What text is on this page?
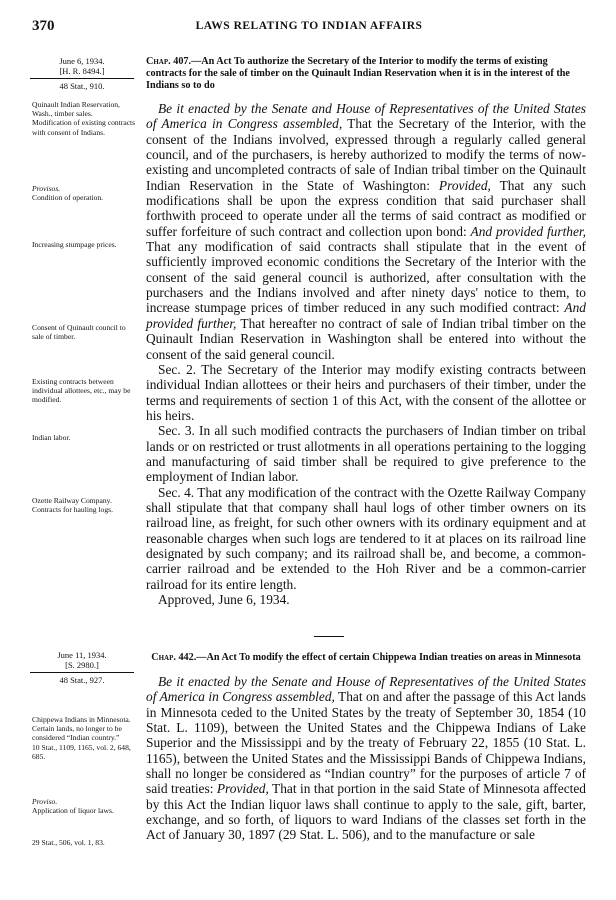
370	LAWS RELATING TO INDIAN AFFAIRS
June 6, 1934.
[H. R. 8494.]
48 Stat., 910.
Chap. 407.—An Act To authorize the Secretary of the Interior to modify the terms of existing contracts for the sale of timber on the Quinault Indian Reservation when it is in the interest of the Indians so to do

Be it enacted by the Senate and House of Representatives of the United States of America in Congress assembled, That the Secretary of the Interior, with the consent of the Indians involved, expressed through a regularly called general council, and of the purchasers, is hereby authorized to modify the terms of now-existing and uncompleted contracts of sale of Indian tribal timber on the Quinault Indian Reservation in the State of Washington: Provided, That any such modifications shall be upon the express condition that said purchaser shall forthwith proceed to operate under all the terms of said contract as modified or suffer forfeiture of such contract and collection upon bond: And provided further, That any modification of said contracts shall stipulate that in the event of sufficiently improved economic conditions the Secretary of the Interior with the consent of the said general council is authorized, after consultation with the purchasers and the Indians involved and after ninety days' notice to them, to increase stumpage prices of timber reduced in any such modified contract: And provided further, That hereafter no contract of sale of Indian tribal timber on the Quinault Indian Reservation in Washington shall be entered into without the consent of the said general council.

Sec. 2. The Secretary of the Interior may modify existing contracts between individual Indian allottees or their heirs and purchasers of their timber, under the terms and requirements of section 1 of this Act, with the consent of the allottee or his heirs.

Sec. 3. In all such modified contracts the purchasers of Indian timber on tribal lands or on restricted or trust allotments in all operations pertaining to the logging and manufacturing of said timber shall be required to give preference to the employment of Indian labor.

Sec. 4. That any modification of the contract with the Ozette Railway Company shall stipulate that that company shall haul logs of other timber owners on its railroad line, as freight, for such other owners with its ordinary equipment and at reasonable charges when such logs are tendered to it at places on its railroad line designated by such company; and its railroad shall be, and become, a common-carrier railroad and be extended to the Hoh River and be a common-carrier railroad for its entire length.

Approved, June 6, 1934.

Quinault Indian Reservation, Wash., timber sales.
Modification of existing contracts with consent of Indians.
Provisos.
Condition of operation.
Increasing stumpage prices.
Consent of Quinault council to sale of timber.
Existing contracts between individual allottees, etc., may be modified.
Indian labor.
Ozette Railway Company.
Contracts for hauling logs.
June 11, 1934.
[S. 2980.]
48 Stat., 927.
Chap. 442.—An Act To modify the effect of certain Chippewa Indian treaties on areas in Minnesota

Be it enacted by the Senate and House of Representatives of the United States of America in Congress assembled, That on and after the passage of this Act lands in Minnesota ceded to the United States by the treaty of September 30, 1854 (10 Stat. L. 1109), between the United States and the Chippewa Indians of Lake Superior and the Mississippi and by the treaty of February 22, 1855 (10 Stat. L. 1165), between the United States and the Mississippi Bands of Chippewa Indians, shall no longer be considered as “Indian country” for the purposes of article 7 of said treaties: Provided, That in that portion in the said State of Minnesota affected by this Act the Indian liquor laws shall continue to apply to the sale, gift, barter, exchange, and so forth, of liquors to ward Indians of the classes set forth in the Act of January 30, 1897 (29 Stat. L. 506), and to the manufacture or sale

Chippewa Indians in Minnesota.
Certain lands, no longer to be considered “Indian country.”
10 Stat., 1109, 1165, vol. 2, 648, 685.
Proviso.
Application of liquor laws.
29 Stat., 506, vol. 1, 83.
